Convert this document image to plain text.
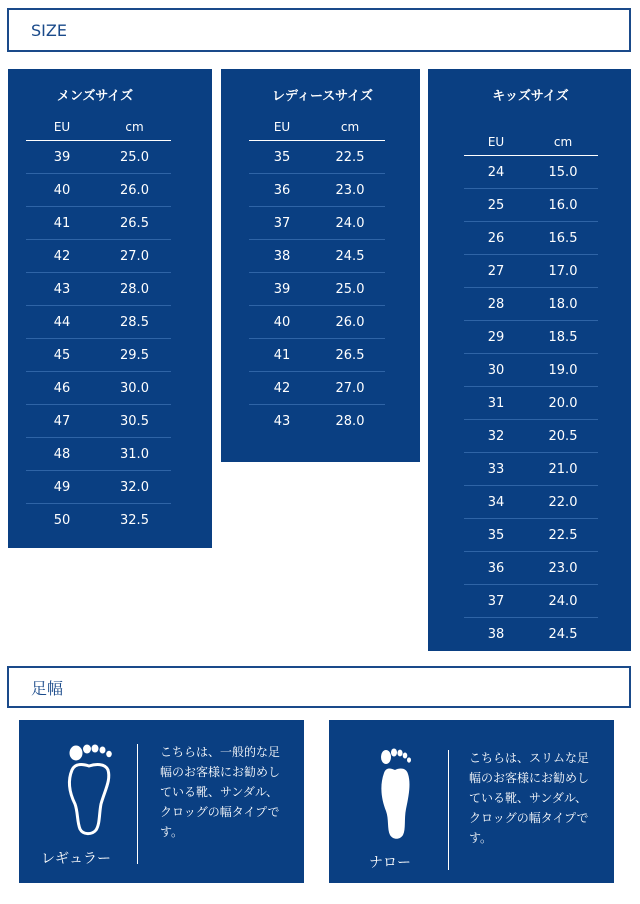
SIZE
メンズサイズ
EU	cm
39	25.0
40	26.0
41	26.5
42	27.0
43	28.0
44	28.5
45	29.5
46	30.0
47	30.5
48	31.0
49	32.0
50	32.5
レディースサイズ
EU	cm
35	22.5
36	23.0
37	24.0
38	24.5
39	25.0
40	26.0
41	26.5
42	27.0
43	28.0
キッズサイズ
EU	cm
24	15.0
25	16.0
26	16.5
27	17.0
28	18.0
29	18.5
30	19.0
31	20.0
32	20.5
33	21.0
34	22.0
35	22.5
36	23.0
37	24.0
38	24.5
足幅
レギュラー
こちらは、一般的な足
幅のお客様にお勧めし
ている靴、サンダル、
クロッグの幅タイプで
す。
ナロー
こちらは、スリムな足
幅のお客様にお勧めし
ている靴、サンダル、
クロッグの幅タイプで
す。
